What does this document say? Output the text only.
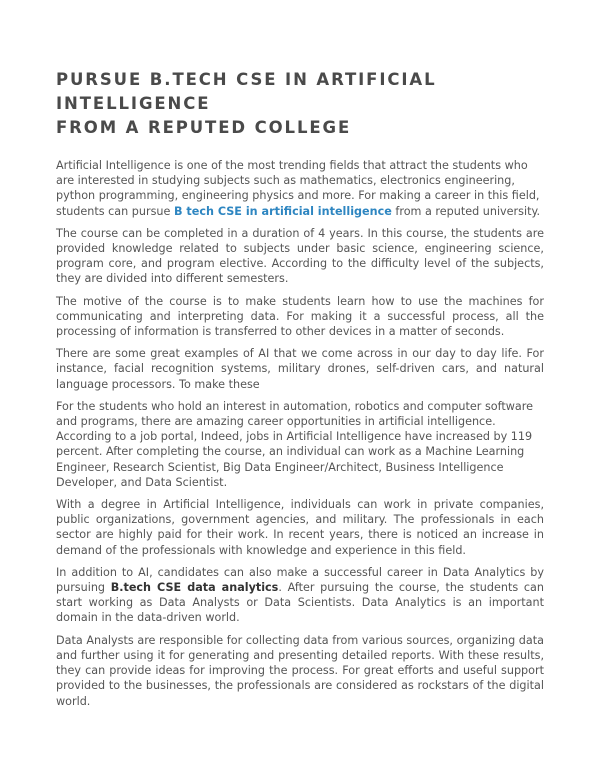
PURSUE B.TECH CSE IN ARTIFICIAL INTELLIGENCE
FROM A REPUTED COLLEGE

Artificial Intelligence is one of the most trending fields that attract the students who are interested in studying subjects such as mathematics, electronics engineering, python programming, engineering physics and more. For making a career in this field, students can pursue B tech CSE in artificial intelligence from a reputed university.

The course can be completed in a duration of 4 years. In this course, the students are provided knowledge related to subjects under basic science, engineering science, program core, and program elective. According to the difficulty level of the subjects, they are divided into different semesters.

The motive of the course is to make students learn how to use the machines for communicating and interpreting data. For making it a successful process, all the processing of information is transferred to other devices in a matter of seconds.

There are some great examples of AI that we come across in our day to day life. For instance, facial recognition systems, military drones, self-driven cars, and natural language processors. To make these

For the students who hold an interest in automation, robotics and computer software and programs, there are amazing career opportunities in artificial intelligence. According to a job portal, Indeed, jobs in Artificial Intelligence have increased by 119 percent. After completing the course, an individual can work as a Machine Learning Engineer, Research Scientist, Big Data Engineer/Architect, Business Intelligence Developer, and Data Scientist.

With a degree in Artificial Intelligence, individuals can work in private companies, public organizations, government agencies, and military. The professionals in each sector are highly paid for their work. In recent years, there is noticed an increase in demand of the professionals with knowledge and experience in this field.

In addition to AI, candidates can also make a successful career in Data Analytics by pursuing B.tech CSE data analytics. After pursuing the course, the students can start working as Data Analysts or Data Scientists. Data Analytics is an important domain in the data-driven world.

Data Analysts are responsible for collecting data from various sources, organizing data and further using it for generating and presenting detailed reports. With these results, they can provide ideas for improving the process. For great efforts and useful support provided to the businesses, the professionals are considered as rockstars of the digital world.
